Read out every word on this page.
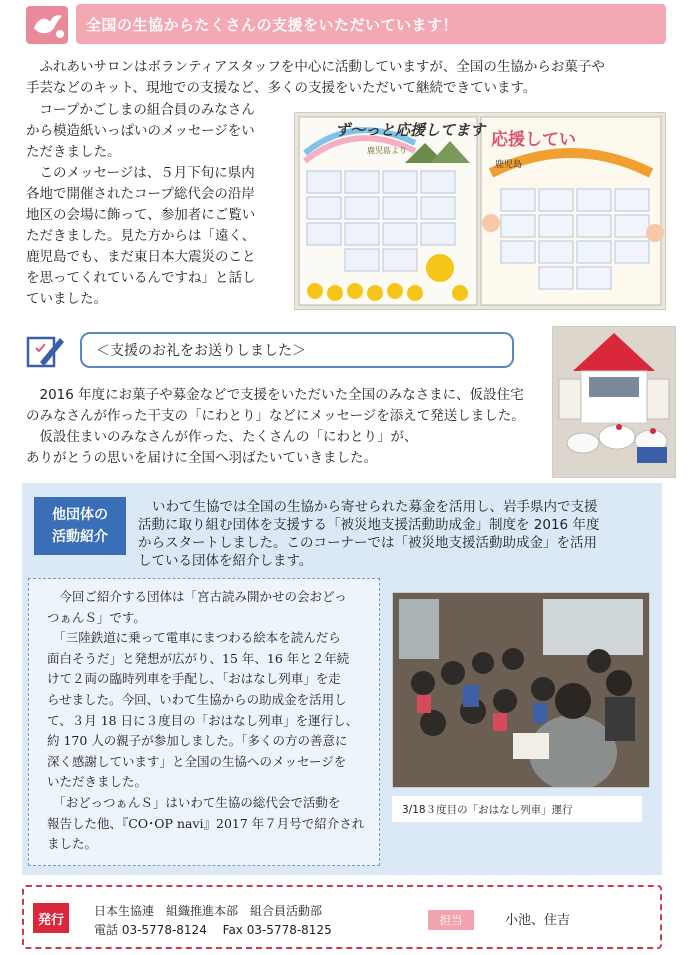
全国の生協からたくさんの支援をいただいています！

　ふれあいサロンはボランティアスタッフを中心に活動していますが、全国の生協からお菓子や

手芸などのキット、現地での支援など、多くの支援をいただいて継続できています。

　コープかごしまの組合員のみなさん

から模造紙いっぱいのメッセージをい

ただきました。

　このメッセージは、５月下旬に県内

各地で開催されたコープ総代会の沿岸

地区の会場に飾って、参加者にご覧い

ただきました。見た方からは「遠く、

鹿児島でも、まだ東日本大震災のこと

を思ってくれているんですね」と話し

ていました。

ず〜っと応援してます
鹿児島より
応援してい
鹿児島
＜支援のお礼をお送りしました＞

　2016 年度にお菓子や募金などで支援をいただいた全国のみなさまに、仮設住宅

のみなさんが作った干支の「にわとり」などにメッセージを添えて発送しました。

　仮設住まいのみなさんが作った、たくさんの「にわとり」が、

ありがとうの思いを届けに全国へ羽ばたいていきました。

他団体の
活動紹介

いわて生協では全国の生協から寄せられた募金を活用し、岩手県内で支援

活動に取り組む団体を支援する「被災地支援活動助成金」制度を 2016 年度

からスタートしました。このコーナーでは「被災地支援活動助成金」を活用

している団体を紹介します。

　今回ご紹介する団体は「宮古読み開かせの会おどっ

つぁんＳ」です。

　「三陸鉄道に乗って電車にまつわる絵本を読んだら

面白そうだ」と発想が広がり、15 年、16 年と２年続

けて２両の臨時列車を手配し、「おはなし列車」を走

らせました。今回、いわて生協からの助成金を活用し

て、３月 18 日に３度目の「おはなし列車」を運行し、

約 170 人の親子が参加しました。「多くの方の善意に

深く感謝しています」と全国の生協へのメッセージを

いただきました。

　「おどっつぁんＳ」はいわて生協の総代会で活動を

報告した他、『CO･OP navi』2017 年７月号で紹介され

ました。

3/18３度目の「おはなし列車」運行
発行
日本生協連　組織推進本部　組合員活動部
電話 03-5778-8124　 Fax 03-5778-8125
担当	小池、住吉
